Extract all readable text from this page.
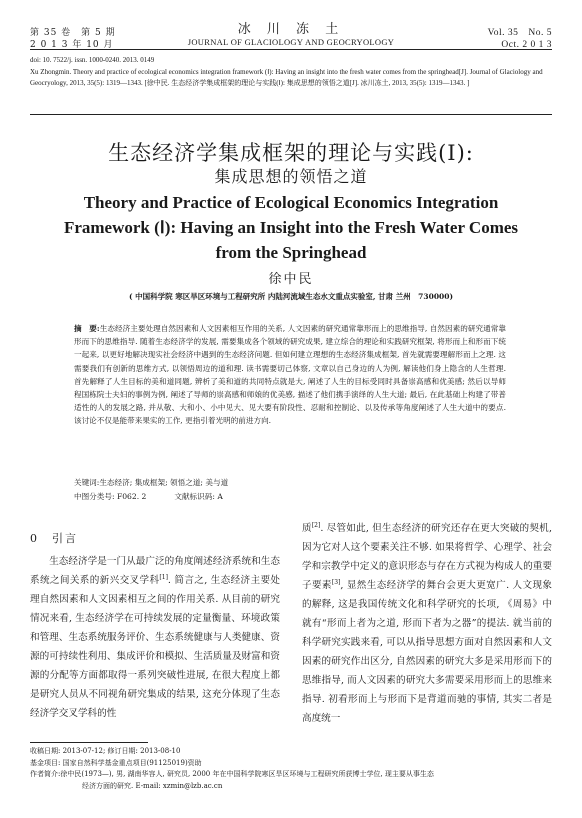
第 35 卷　第 5 期
2 0 1 3 年 10 月
冰 川 冻 土
JOURNAL OF GLACIOLOGY AND GEOCRYOLOGY
Vol. 35　No. 5
Oct. 2 0 1 3
doi: 10. 7522/j. issn. 1000-0240. 2013. 0149
Xu Zhongmin. Theory and practice of ecological economics integration framework (Ⅰ): Having an insight into the fresh water comes from the springhead[J]. Journal of Glaciology and Geocryology, 2013, 35(5): 1319—1343. [徐中民. 生态经济学集成框架的理论与实践(Ⅰ): 集成思想的领悟之道[J]. 冰川冻土, 2013, 35(5): 1319—1343. ]
生态经济学集成框架的理论与实践(Ⅰ):
集成思想的领悟之道
Theory and Practice of Ecological Economics Integration Framework (Ⅰ): Having an Insight into the Fresh Water Comes from the Springhead
徐中民
( 中国科学院 寒区旱区环境与工程研究所 内陆河流域生态水文重点实验室, 甘肃 兰州　730000)
摘　要:生态经济主要处理自然因素和人文因素相互作用的关系, 人文因素的研究通常靠形而上的思维指导, 自然因素的研究通常靠形而下的思维指导. 随着生态经济学的发展, 需要集成各个领域的研究成果, 建立综合的理论和实践研究框架, 将形而上和形而下统一起来, 以更好地解决现实社会经济中遇到的生态经济问题. 但如何建立理想的生态经济集成框架, 首先就需要理解形而上之理. 这需要我们有创新的思维方式, 以领悟周边的道和理. 读书需要切己体察, 文章以自己身边的人为例, 解读他们身上隐含的人生哲理. 首先解释了人生目标的美和道同题, 辨析了美和道的共同特点就是大, 阐述了人生的目标受同时具备崇高感和优美感; 然后以导师程国栋院士夫妇的事例为例, 阐述了导师的崇高感和师娘的优美感, 描述了他们携手演绎的人生大道; 最后, 在此基础上构建了带普适性的人的发展之路, 并从敬、大和小、小中见大、见大要有阶段性、忍耐和控制论、以及传承等角度阐述了人生大道中的要点. 该讨论不仅是能带来果实的工作, 更指引着光明的前进方向.
关键词:生态经济; 集成框架; 领悟之道; 美与道
中图分类号: F062. 2	文献标识码: A
0　 引言
生态经济学是一门从最广泛的角度阐述经济系统和生态系统之间关系的新兴交叉学科[1]. 简言之, 生态经济主要处理自然因素和人文因素相互之间的作用关系. 从目前的研究情况来看, 生态经济学在可持续发展的定量衡量、环境政策和管理、生态系统服务评价、生态系统健康与人类健康、资源的可持续性利用、集成评价和模拟、生活质量及财富和资源的分配等方面都取得一系列突破性进展, 在很大程度上都是研究人员从不同视角研究集成的结果, 这充分体现了生态经济学交叉学科的性
质[2]. 尽管如此, 但生态经济的研究还存在更大突破的契机, 因为它对人这个要素关注不够. 如果将哲学、心理学、社会学和宗教学中定义的意识形态与存在方式视为构成人的重要子要素[3], 显然生态经济学的舞台会更大更宽广. 人文现象的解释, 这是我国传统文化和科学研究的长项, 《周易》中就有“形而上者为之道, 形而下者为之器”的提法. 就当前的科学研究实践来看, 可以从指导思想方面对自然因素和人文因素的研究作出区分, 自然因素的研究大多是采用形而下的思维指导, 而人文因素的研究大多需要采用形而上的思维来指导. 初看形而上与形而下是背道而驰的事情, 其实二者是高度统一
收稿日期: 2013-07-12; 修订日期: 2013-08-10
基金项目: 国家自然科学基金重点项目(91125019)资助
作者简介:徐中民(1973—), 男, 湖南华容人, 研究员, 2000 年在中国科学院寒区旱区环境与工程研究所获博士学位, 现主要从事生态
经济方面的研究. E-mail: xzmin@lzb.ac.cn
